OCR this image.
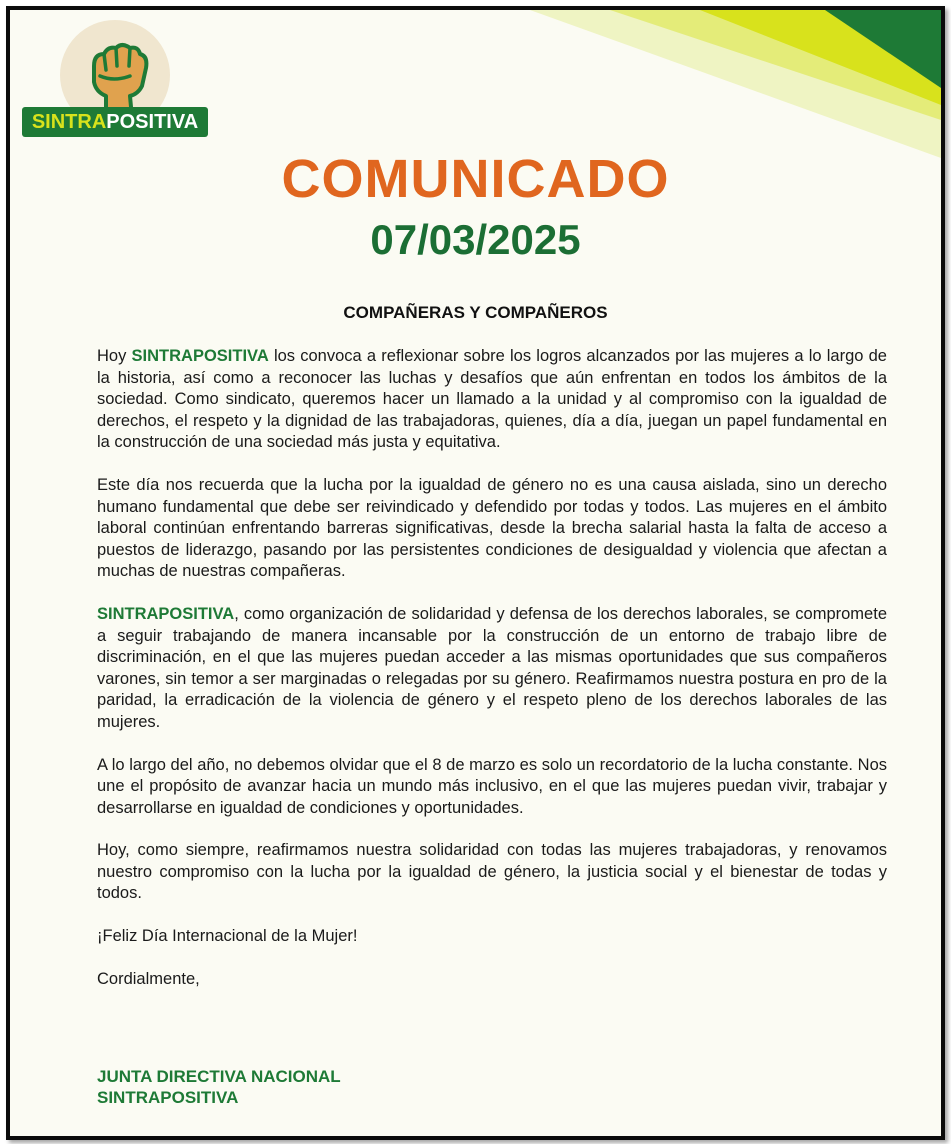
SINTRA POSITIVA
COMUNICADO
07/03/2025
COMPAÑERAS Y COMPAÑEROS

Hoy SINTRAPOSITIVA los convoca a reflexionar sobre los logros alcanzados por las mujeres a lo largo de la historia, así como a reconocer las luchas y desafíos que aún enfrentan en todos los ámbitos de la sociedad. Como sindicato, queremos hacer un llamado a la unidad y al compromiso con la igualdad de derechos, el respeto y la dignidad de las trabajadoras, quienes, día a día, juegan un papel fundamental en la construcción de una sociedad más justa y equitativa.

Este día nos recuerda que la lucha por la igualdad de género no es una causa aislada, sino un derecho humano fundamental que debe ser reivindicado y defendido por todas y todos. Las mujeres en el ámbito laboral continúan enfrentando barreras significativas, desde la brecha salarial hasta la falta de acceso a puestos de liderazgo, pasando por las persistentes condiciones de desigualdad y violencia que afectan a muchas de nuestras compañeras.

SINTRAPOSITIVA, como organización de solidaridad y defensa de los derechos laborales, se compromete a seguir trabajando de manera incansable por la construcción de un entorno de trabajo libre de discriminación, en el que las mujeres puedan acceder a las mismas oportunidades que sus compañeros varones, sin temor a ser marginadas o relegadas por su género. Reafirmamos nuestra postura en pro de la paridad, la erradicación de la violencia de género y el respeto pleno de los derechos laborales de las mujeres.

A lo largo del año, no debemos olvidar que el 8 de marzo es solo un recordatorio de la lucha constante. Nos une el propósito de avanzar hacia un mundo más inclusivo, en el que las mujeres puedan vivir, trabajar y desarrollarse en igualdad de condiciones y oportunidades.

Hoy, como siempre, reafirmamos nuestra solidaridad con todas las mujeres trabajadoras, y renovamos nuestro compromiso con la lucha por la igualdad de género, la justicia social y el bienestar de todas y todos.

¡Feliz Día Internacional de la Mujer!

Cordialmente,

JUNTA DIRECTIVA NACIONAL
SINTRAPOSITIVA
